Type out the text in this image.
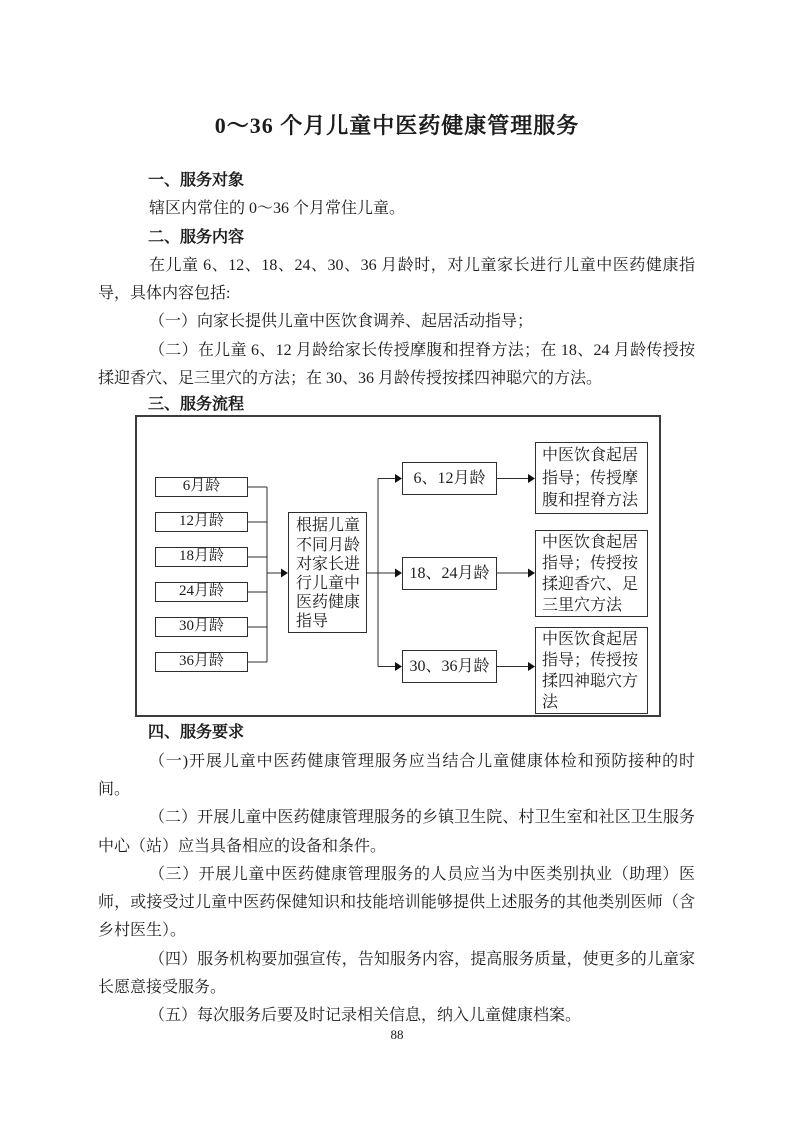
0～36 个月儿童中医药健康管理服务
一、服务对象

辖区内常住的 0～36 个月常住儿童。

二、服务内容

在儿童 6、12、18、24、30、36 月龄时，对儿童家长进行儿童中医药健康指导，具体内容包括:

（一）向家长提供儿童中医饮食调养、起居活动指导；

（二）在儿童 6、12 月龄给家长传授摩腹和捏脊方法；在 18、24 月龄传授按揉迎香穴、足三里穴的方法；在 30、36 月龄传授按揉四神聪穴的方法。

三、服务流程
6月龄
12月龄
18月龄
24月龄
30月龄
36月龄
根据儿童不同月龄对家长进行儿童中医药健康指导
6、12月龄
18、24月龄
30、36月龄
中医饮食起居指导；传授摩腹和捏脊方法
中医饮食起居指导；传授按揉迎香穴、足三里穴方法
中医饮食起居指导；传授按揉四神聪穴方法
四、服务要求

（一)开展儿童中医药健康管理服务应当结合儿童健康体检和预防接种的时间。

（二）开展儿童中医药健康管理服务的乡镇卫生院、村卫生室和社区卫生服务中心（站）应当具备相应的设备和条件。

（三）开展儿童中医药健康管理服务的人员应当为中医类别执业（助理）医师，或接受过儿童中医药保健知识和技能培训能够提供上述服务的其他类别医师（含乡村医生）。

（四）服务机构要加强宣传，告知服务内容，提高服务质量，使更多的儿童家长愿意接受服务。

（五）每次服务后要及时记录相关信息，纳入儿童健康档案。

88
